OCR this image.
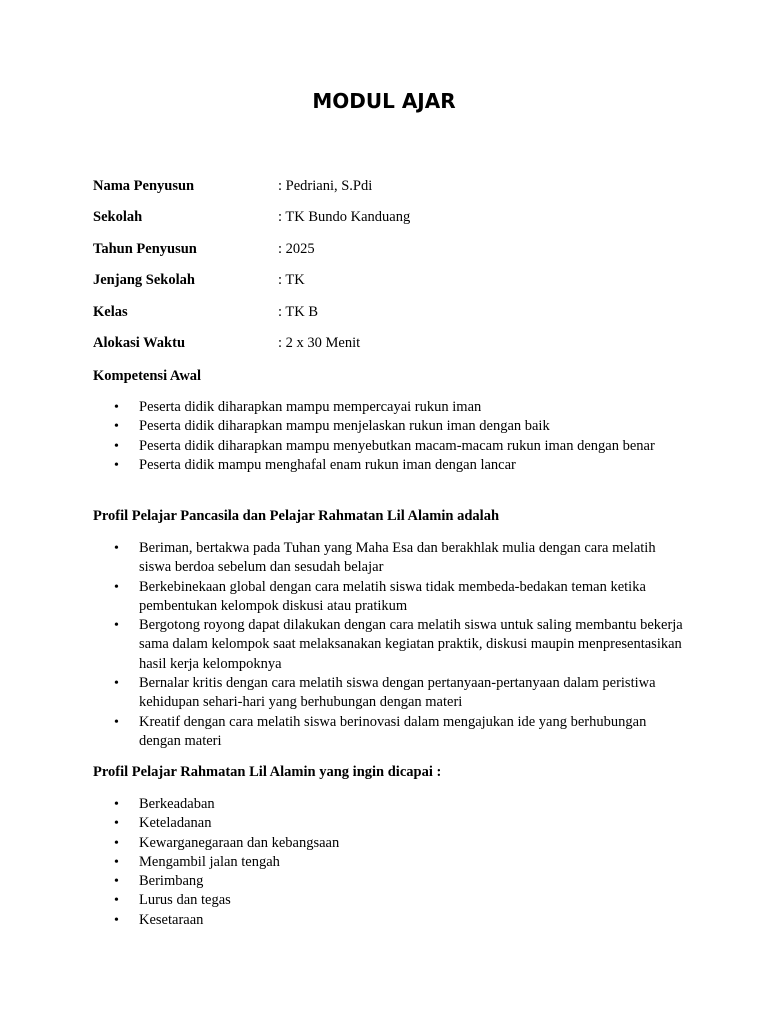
MODUL AJAR
Nama Penyusun	: Pedriani, S.Pdi
Sekolah	: TK Bundo Kanduang
Tahun Penyusun	: 2025
Jenjang Sekolah	: TK
Kelas	: TK B
Alokasi Waktu	: 2 x 30 Menit

Kompetensi Awal

• Peserta didik diharapkan mampu mempercayai rukun iman
• Peserta didik diharapkan mampu menjelaskan rukun iman dengan baik
• Peserta didik diharapkan mampu menyebutkan macam-macam rukun iman dengan benar
• Peserta didik mampu menghafal enam rukun iman dengan lancar

Profil Pelajar Pancasila dan Pelajar Rahmatan Lil Alamin adalah

• Beriman, bertakwa pada Tuhan yang Maha Esa dan berakhlak mulia dengan cara melatih siswa berdoa sebelum dan sesudah belajar
• Berkebinekaan global dengan cara melatih siswa tidak membeda-bedakan teman ketika pembentukan kelompok diskusi atau pratikum
• Bergotong royong dapat dilakukan dengan cara melatih siswa untuk saling membantu bekerja sama dalam kelompok saat melaksanakan kegiatan praktik, diskusi maupin menpresentasikan hasil kerja kelompoknya
• Bernalar kritis dengan cara melatih siswa dengan pertanyaan-pertanyaan dalam peristiwa kehidupan sehari-hari yang berhubungan dengan materi
• Kreatif dengan cara melatih siswa berinovasi dalam mengajukan ide yang berhubungan dengan materi

Profil Pelajar Rahmatan Lil Alamin yang ingin dicapai :

• Berkeadaban
• Keteladanan
• Kewarganegaraan dan kebangsaan
• Mengambil jalan tengah
• Berimbang
• Lurus dan tegas
• Kesetaraan
